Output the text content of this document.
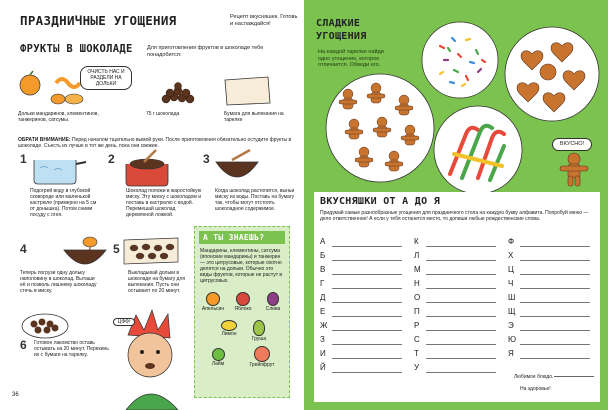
ПРАЗДНИЧНЫЕ УГОЩЕНИЯ	Рецепт вкусняшек. Готовь и наслаждайся!
ФРУКТЫ В ШОКОЛАДЕ	Для приготовления фруктов в шоколаде тебе понадобится:
ОЧИСТЬ НАС И РАЗДЕЛИ НА ДОЛЬКИ
Дольки мандаринов, клементинов, танжеринов, сатсумы.
75 г шоколада	Бумага для выпекания на тарелке
ОБРАТИ ВНИМАНИЕ: Перед началом тщательно вымой руки. После приготовления обязательно остудите фрукты в шоколаде. Съесть их лучше в тот же день, пока они свежие.
1
Подогрей воду в глубокой сковороде или маленькой кастрюле (примерно на 5 см от донышка). Потом сними посуду с огня.
2
Шоколад положи в жаростойкую миску. Эту миску с шоколадом и поставь в кастрюлю с водой. Перемешай шоколад деревянной ложкой.
3
Когда шоколад растопится, выньи миску из воды. Поставь на бумагу так, чтобы могут отстоять шоколадное содержимое.
4
Теперь погрузи одну дольку наполовину в шоколад. Выташи её и позволь лишнему шоколаду стечь в миску.
5
Выкладывай дольки в шоколаде на бумагу для выпекания. Пусть они остывают по 20 минут.
6 Готовое лакомство оставь остывать на 20 минут. Перекинь их с бумаги на тарелку.
ЦФФ!
А ТЫ ЗНАЕШЬ?
Мандарины, клементины, сатсума (японские мандарины) и танжерин — это цитрусовые, которые охотно делятся на дольки. Обычно это виды фруктов, которые не растут в цитрусовых.
Апельсин	Яблоко	Слива
Лимон
Груша
Лайм	Грейпфрут
36
СЛАДКИЕ УГОЩЕНИЯ
На каждой тарелке найди одно угощение, которое отличается. Обведи его.
ВКУСНО!
ВКУСНЯШКИ ОТ А ДО Я
Придумай самые разнообразные угощения для праздничного стола на каждую букву алфавита. Попробуй меню — дело ответственное! А если у тебя останется место, то допиши любые рождественские слова.
А
Б
В
Г
Д
Е
Ж
З
И
Й
К
Л
М
Н
О
П
Р
С
Т
У
Ф
Х
Ц
Ч
Ш
Щ
Э
Ю
Я
Любимое блюдо.
На здоровье!
